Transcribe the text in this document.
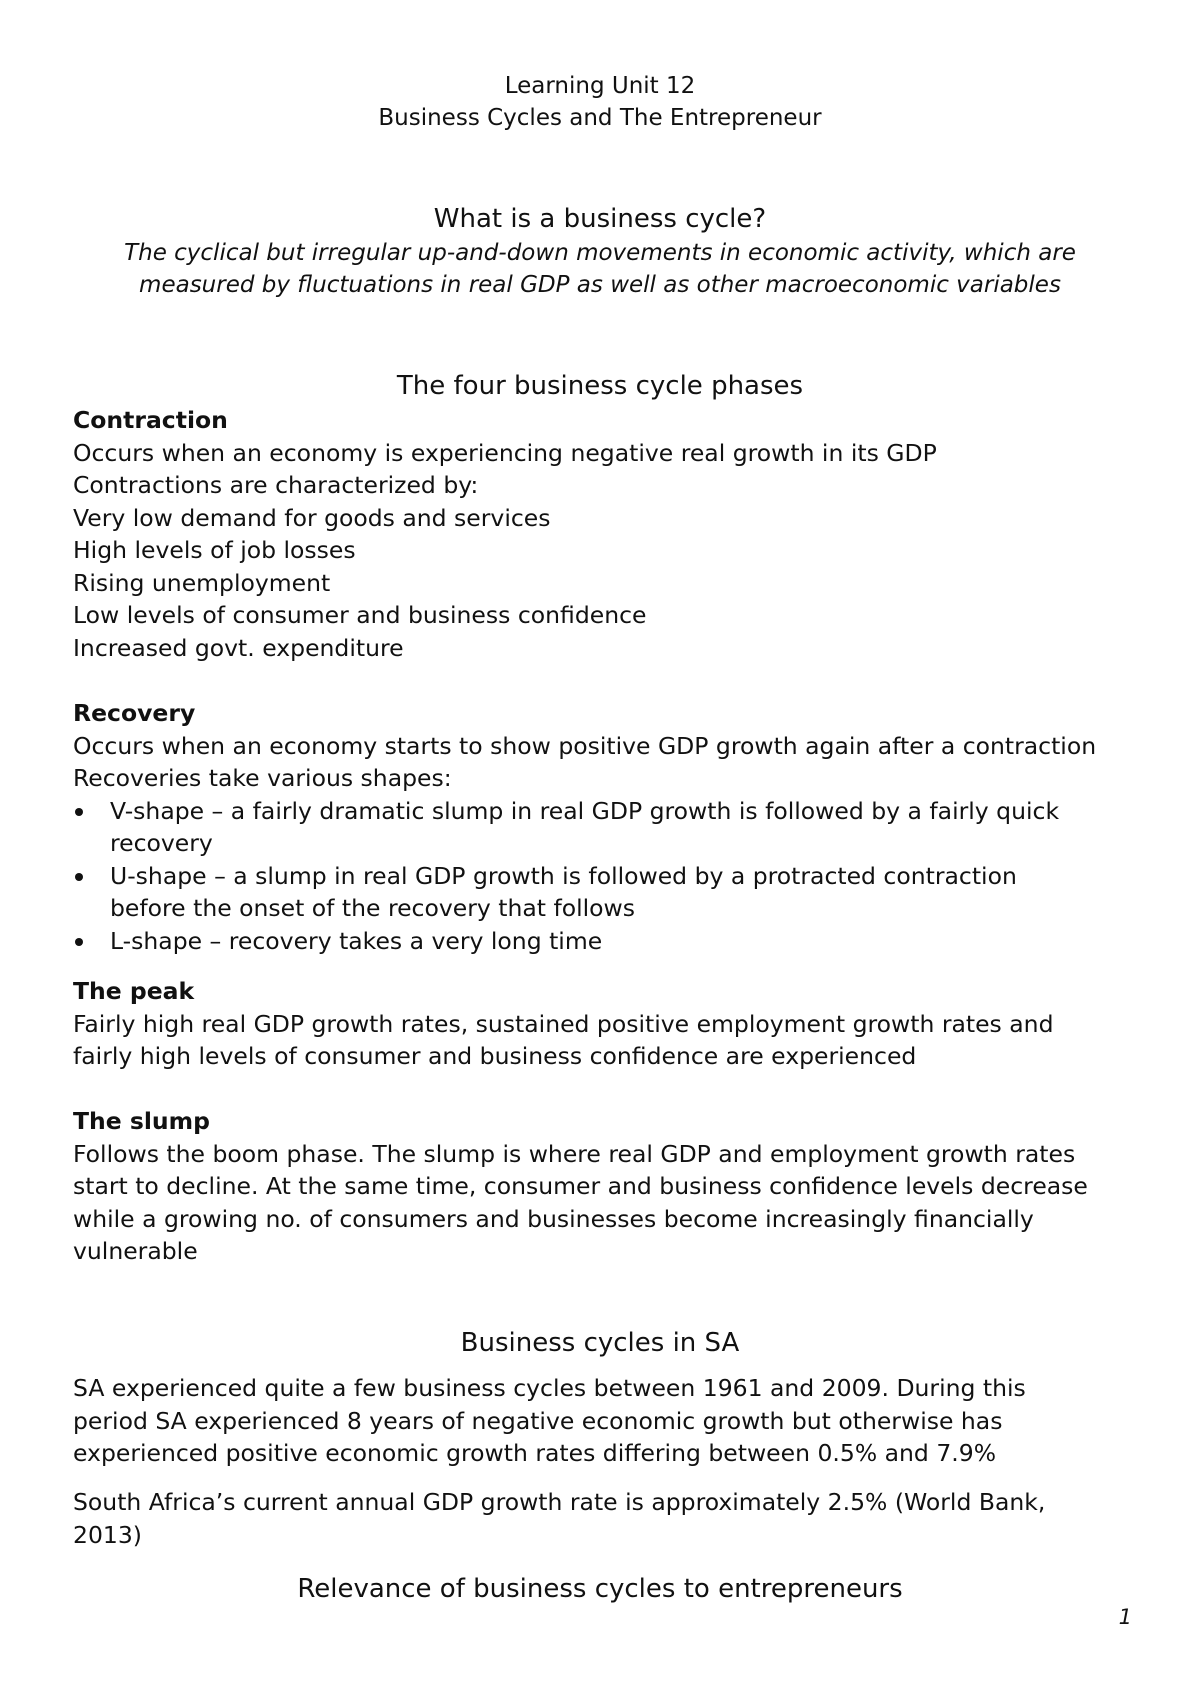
Learning Unit 12
Business Cycles and The Entrepreneur
What is a business cycle?
The cyclical but irregular up-and-down movements in economic activity, which are
measured by fluctuations in real GDP as well as other macroeconomic variables
The four business cycle phases
Contraction
Occurs when an economy is experiencing negative real growth in its GDP
Contractions are characterized by:
Very low demand for goods and services
High levels of job losses
Rising unemployment
Low levels of consumer and business confidence
Increased govt. expenditure
Recovery
Occurs when an economy starts to show positive GDP growth again after a contraction
Recoveries take various shapes:
V-shape – a fairly dramatic slump in real GDP growth is followed by a fairly quick
recovery
U-shape – a slump in real GDP growth is followed by a protracted contraction
before the onset of the recovery that follows
L-shape – recovery takes a very long time
The peak
Fairly high real GDP growth rates, sustained positive employment growth rates and
fairly high levels of consumer and business confidence are experienced
The slump
Follows the boom phase. The slump is where real GDP and employment growth rates
start to decline. At the same time, consumer and business confidence levels decrease
while a growing no. of consumers and businesses become increasingly financially
vulnerable
Business cycles in SA
SA experienced quite a few business cycles between 1961 and 2009. During this
period SA experienced 8 years of negative economic growth but otherwise has
experienced positive economic growth rates differing between 0.5% and 7.9%
South Africa’s current annual GDP growth rate is approximately 2.5% (World Bank,
2013)
Relevance of business cycles to entrepreneurs
1
